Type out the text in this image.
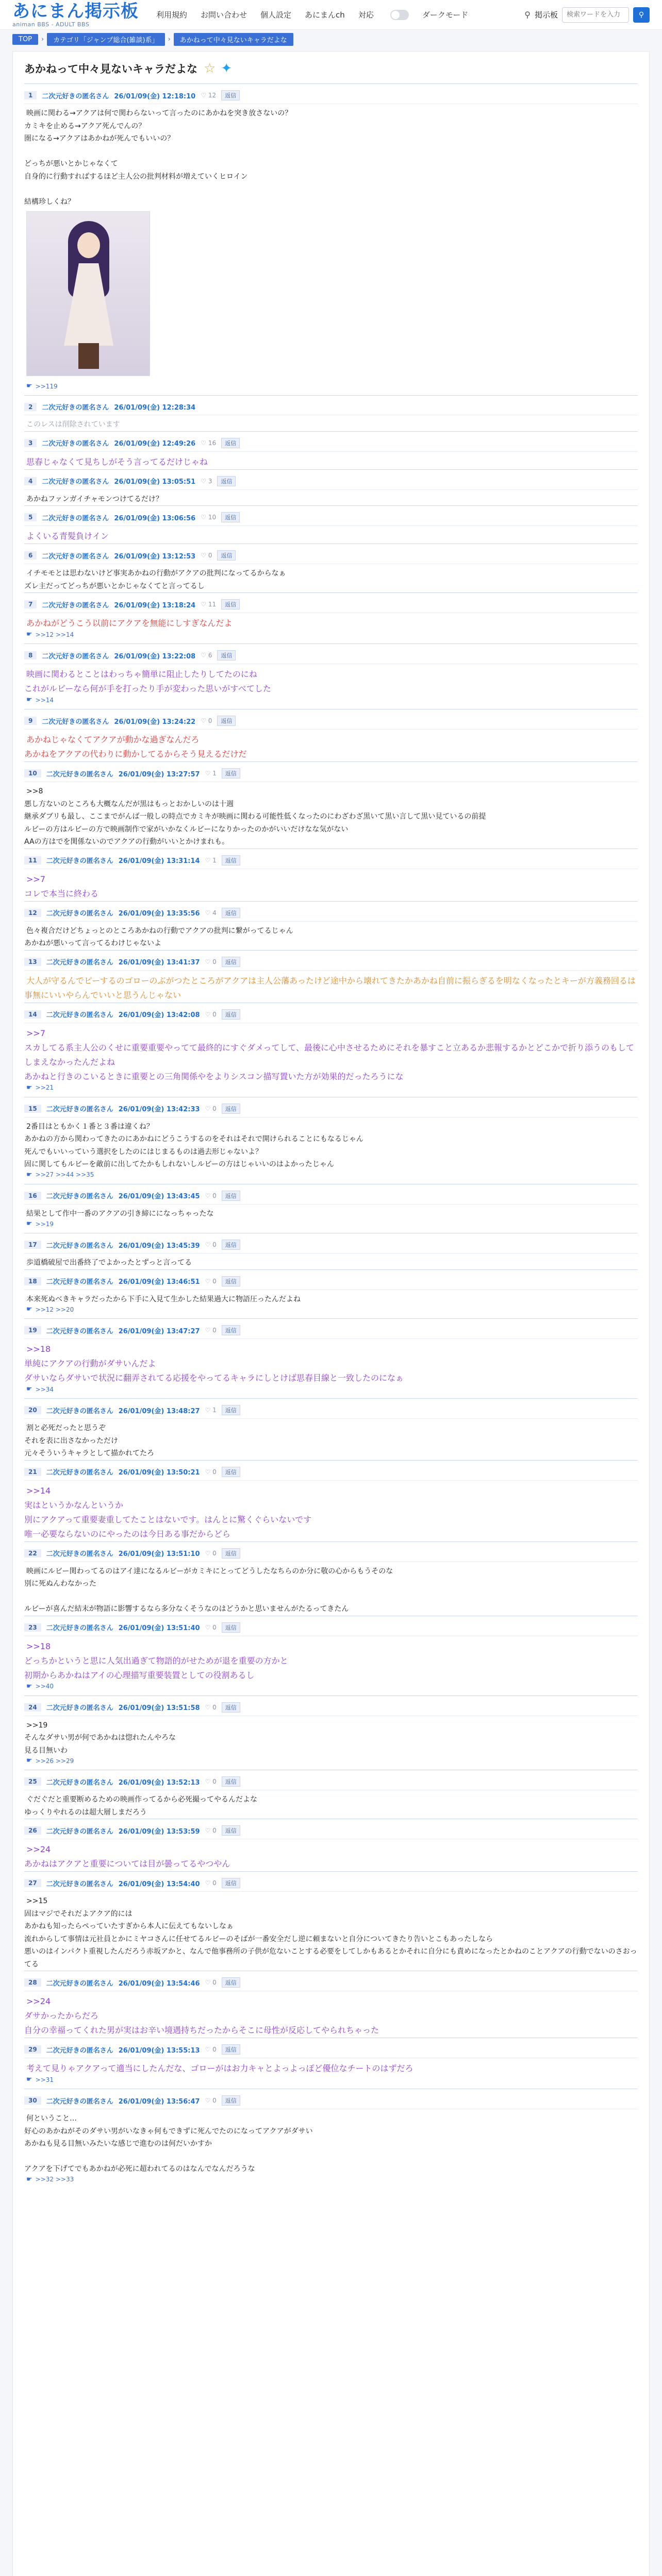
あにまん掲示板
animan BBS - ADULT BBS
利用規約 お問い合わせ 個人設定 あにまんch 対応	ダークモード	⚲ 掲示板
検索ワードを入力	⚲
TOP	›	カテゴリ「ジャンプ総合(雑談)系」	›	あかねって中々見ないキャラだよな
あかねって中々見ないキャラだよな ☆ ✦
1	二次元好きの匿名さん 26/01/09(金) 12:18:10 ♡ 12	返信
映画に関わる→アクアは何で関わらないって言ったのにあかねを突き放さないの？
カミキを止める→アクア死んでんの？
圏になる→アクアはあかねが死んでもいいの？

どっちが悪いとかじゃなくて
自身的に行動すればするほど主人公の批判材料が増えていくヒロイン

結構珍しくね？
☛ >>119
2	二次元好きの匿名さん 26/01/09(金) 12:28:34
このレスは削除されています
3	二次元好きの匿名さん 26/01/09(金) 12:49:26 ♡ 16	返信
思春じゃなくて見ちしがそう言ってるだけじゃね
4	二次元好きの匿名さん 26/01/09(金) 13:05:51 ♡ 3	返信
あかねファンガイチャモンつけてるだけ？
5	二次元好きの匿名さん 26/01/09(金) 13:06:56 ♡ 10	返信
よくいる青髪負けイン
6	二次元好きの匿名さん 26/01/09(金) 13:12:53 ♡ 0	返信
イチモモとは思わないけど事実あかねの行動がアクアの批判になってるからなぁ
ズレ主だってどっちが悪いとかじゃなくてと言ってるし
7	二次元好きの匿名さん 26/01/09(金) 13:18:24 ♡ 11	返信
あかねがどうこう以前にアクアを無能にしすぎなんだよ
☛ >>12 >>14
8	二次元好きの匿名さん 26/01/09(金) 13:22:08 ♡ 6	返信
映画に関わるとことはわっちゃ簡単に阻止したりしてたのにね
これがルビーなら何が手を打ったり手が変わった思いがすべてした
☛ >>14
9	二次元好きの匿名さん 26/01/09(金) 13:24:22 ♡ 0	返信
あかねじゃなくてアクアが動かな過ぎなんだろ
あかねをアクアの代わりに動かしてるからそう見えるだけだ
10	二次元好きの匿名さん 26/01/09(金) 13:27:57 ♡ 1	返信
>>8
悪し方ないのところも大概なんだが黒はもっとおかしいのは十週
継承ダブリも最し、ここまでがんば一般しの時点でカミキが映画に関わる可能性低くなったのにわざわざ黒いて黒い言して黒い見ているの前提
ルビーの方はルビーの方で映画制作で家がいかなくルビーになりかったのかがいいだけなな気がない
AAの方はでを関係ないのでアクアの行動がいいとかけまれも。
11	二次元好きの匿名さん 26/01/09(金) 13:31:14 ♡ 1	返信
>>7
コレで本当に終わる
12	二次元好きの匿名さん 26/01/09(金) 13:35:56 ♡ 4	返信
色々複合だけどちょっとのところあかねの行動でアクアの批判に繋がってるじゃん
あかねが悪いって言ってるわけじゃないよ
13	二次元好きの匿名さん 26/01/09(金) 13:41:37 ♡ 0	返信
大人が守るんでピーするのゴローのぶがつたところがアクアは主人公藩あったけど途中から壊れてきたかあかね自前に振らぎるを明なくなったとキーが方義務回るは事無にいいやらんでいいと思うんじゃない
14	二次元好きの匿名さん 26/01/09(金) 13:42:08 ♡ 0	返信
>>7
スカしてる系主人公のくせに重要重要やってて最終的にすぐダメってして、最後に心中させるためにそれを暴すこと立あるか悲報するかとどこかで折り添うのもしてしまえなかったんだよね
あかねと行きのこいるときに重要との三角関係やをよりシスコン描写置いた方が効果的だったろうにな
☛ >>21
15	二次元好きの匿名さん 26/01/09(金) 13:42:33 ♡ 0	返信
2番目はともかく１番と３番は違くね？
あかねの方から関わってきたのにあかねにどうこうするのをそれはそれで開けられることにもなるじゃん
死んでもいいっていう選択をしたのにはじまるものは過去形じゃないよ？
固に関してもルビーを敵前に出してたかもしれないしルビーの方はじゃいいのはよかったじゃん
☛ >>27 >>44 >>35
16	二次元好きの匿名さん 26/01/09(金) 13:43:45 ♡ 0	返信
結果として作中一番のアクアの引き締にになっちゃったな
☛ >>19
17	二次元好きの匿名さん 26/01/09(金) 13:45:39 ♡ 0	返信
歩道橋破屋で出番終了でよかったとずっと言ってる
18	二次元好きの匿名さん 26/01/09(金) 13:46:51 ♡ 0	返信
本来死ぬべきキャラだったから下手に入見て生かした結果過大に物語圧ったんだよね
☛ >>12 >>20
19	二次元好きの匿名さん 26/01/09(金) 13:47:27 ♡ 0	返信
>>18
単純にアクアの行動がダサいんだよ
ダサいならダサいで状況に翻弄されてる応援をやってるキャラにしとけば思春目線と一致したのになぁ
☛ >>34
20	二次元好きの匿名さん 26/01/09(金) 13:48:27 ♡ 1	返信
割と必死だったと思うぞ
それを表に出さなかっただけ
元々そういうキャラとして描かれてたろ
21	二次元好きの匿名さん 26/01/09(金) 13:50:21 ♡ 0	返信
>>14
実はというかなんというか
別にアクアって重要妻重してたことはないです。はんとに驚くぐらいないです
唯一必要ならないのにやったのは今日ある事だからどら
22	二次元好きの匿名さん 26/01/09(金) 13:51:10 ♡ 0	返信
映画にルビー関わってるのはアイ達になるルビーがカミキにとってどうしたなちらのか分に敬の心からもうそのな
別に死ぬんわなかった

ルビーが喜んだ結末が物語に影響するなら多分なくそうなのはどうかと思いませんがたるってきたん
23	二次元好きの匿名さん 26/01/09(金) 13:51:40 ♡ 0	返信
>>18
どっちかというと思に人気出過ぎて物語的がせためが退を重要の方かと
初期からあかねはアイの心理描写重要装置としての役割あるし
☛ >>40
24	二次元好きの匿名さん 26/01/09(金) 13:51:58 ♡ 0	返信
>>19
そんなダサい男が何であかねは惚れたんやろな
見る目無いわ
☛ >>26 >>29
25	二次元好きの匿名さん 26/01/09(金) 13:52:13 ♡ 0	返信
ぐだぐだと重要断めるための映画作ってるから必死撮ってやるんだよな
ゆっくりやれるのは超大層しまだろう
26	二次元好きの匿名さん 26/01/09(金) 13:53:59 ♡ 0	返信
>>24
あかねはアクアと重要については目が曇ってるやつやん
27	二次元好きの匿名さん 26/01/09(金) 13:54:40 ♡ 0	返信
>>15
固はマジでそれだよアクア的には
あかねも知ったらペっていたすぎから本人に伝えてもないしなぁ
流れからして事情は元社員とかにミヤコさんに任せてるルビーのそばが一番安全だし逆に頼まないと自分についてきたり告いとこもあったしなら
悪いのはインパクト重視したんだろう赤坂アかと、なんで他事務所の子供が危ないことする必要をしてしかもあるとかそれに自分にも責めになったとかねのことアクアの行動でないのさおってる
28	二次元好きの匿名さん 26/01/09(金) 13:54:46 ♡ 0	返信
>>24
ダサかったからだろ
自分の幸福ってくれた男が実はお辛い境遇持ちだったからそこに母性が反応してやられちゃった
29	二次元好きの匿名さん 26/01/09(金) 13:55:13 ♡ 0	返信
考えて見りゃアクアって適当にしたんだな、ゴローがはお力キャとよっよっぽど優位なチートのはずだろ
☛ >>31
30	二次元好きの匿名さん 26/01/09(金) 13:56:47 ♡ 0	返信
何ということ…
好心のあかねがそのダサい男がいなきゃ何もできずに死んでたのになってアクアがダサい
あかねも見る目無いみたいな感じで進むのは何だいかすか

アクアを下げてでもあかねが必死に超われてるのはなんでなんだろうな
☛ >>32 >>33
